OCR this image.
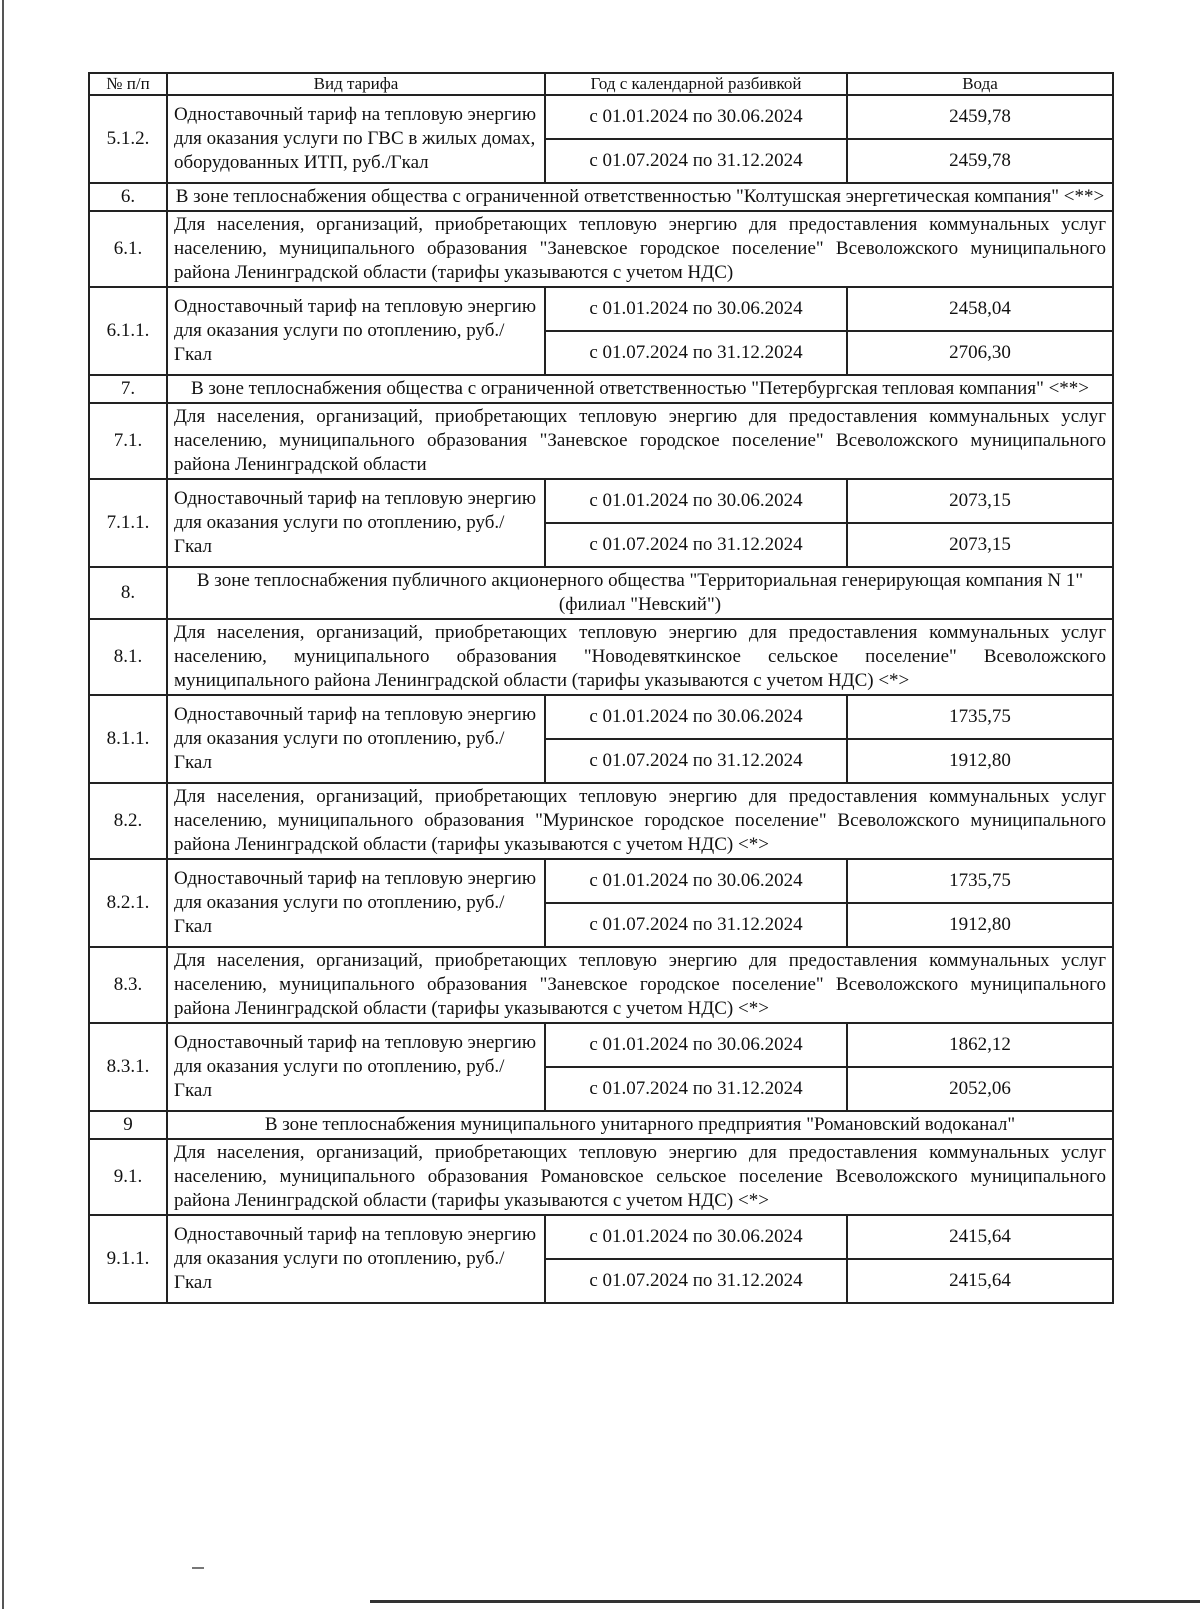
№ п/п	Вид тарифа	Год с календарной разбивкой	Вода
5.1.2.	Одноставочный тариф на тепловую энергию для оказания услуги по ГВС в жилых домах, оборудованных ИТП, руб./Гкал	с 01.01.2024 по 30.06.2024	2459,78
		с 01.07.2024 по 31.12.2024	2459,78
6.	В зоне теплоснабжения общества с ограниченной ответственностью "Колтушская энергетическая компания" <**>		
6.1.	Для населения, организаций, приобретающих тепловую энергию для предоставления коммунальных услуг населению, муниципального образования "Заневское городское поселение" Всеволожского муниципального района Ленинградской области (тарифы указываются с учетом НДС)		
6.1.1.	Одноставочный тариф на тепловую энергию для оказания услуги по отоплению, руб./Гкал	с 01.01.2024 по 30.06.2024	2458,04
		с 01.07.2024 по 31.12.2024	2706,30
7.	В зоне теплоснабжения общества с ограниченной ответственностью "Петербургская тепловая компания" <**>		
7.1.	Для населения, организаций, приобретающих тепловую энергию для предоставления коммунальных услуг населению, муниципального образования "Заневское городское поселение" Всеволожского муниципального района Ленинградской области		
7.1.1.	Одноставочный тариф на тепловую энергию для оказания услуги по отоплению, руб./Гкал	с 01.01.2024 по 30.06.2024	2073,15
		с 01.07.2024 по 31.12.2024	2073,15
8.	В зоне теплоснабжения публичного акционерного общества "Территориальная генерирующая компания N 1" (филиал "Невский")		
8.1.	Для населения, организаций, приобретающих тепловую энергию для предоставления коммунальных услуг населению, муниципального образования "Новодевяткинское сельское поселение" Всеволожского муниципального района Ленинградской области (тарифы указываются с учетом НДС) <*>		
8.1.1.	Одноставочный тариф на тепловую энергию для оказания услуги по отоплению, руб./Гкал	с 01.01.2024 по 30.06.2024	1735,75
		с 01.07.2024 по 31.12.2024	1912,80
8.2.	Для населения, организаций, приобретающих тепловую энергию для предоставления коммунальных услуг населению, муниципального образования "Муринское городское поселение" Всеволожского муниципального района Ленинградской области (тарифы указываются с учетом НДС) <*>		
8.2.1.	Одноставочный тариф на тепловую энергию для оказания услуги по отоплению, руб./Гкал	с 01.01.2024 по 30.06.2024	1735,75
		с 01.07.2024 по 31.12.2024	1912,80
8.3.	Для населения, организаций, приобретающих тепловую энергию для предоставления коммунальных услуг населению, муниципального образования "Заневское городское поселение" Всеволожского муниципального района Ленинградской области (тарифы указываются с учетом НДС) <*>		
8.3.1.	Одноставочный тариф на тепловую энергию для оказания услуги по отоплению, руб./Гкал	с 01.01.2024 по 30.06.2024	1862,12
		с 01.07.2024 по 31.12.2024	2052,06
9	В зоне теплоснабжения муниципального унитарного предприятия "Романовский водоканал"		
9.1.	Для населения, организаций, приобретающих тепловую энергию для предоставления коммунальных услуг населению, муниципального образования Романовское сельское поселение Всеволожского муниципального района Ленинградской области (тарифы указываются с учетом НДС) <*>		
9.1.1.	Одноставочный тариф на тепловую энергию для оказания услуги по отоплению, руб./Гкал	с 01.01.2024 по 30.06.2024	2415,64
		с 01.07.2024 по 31.12.2024	2415,64
